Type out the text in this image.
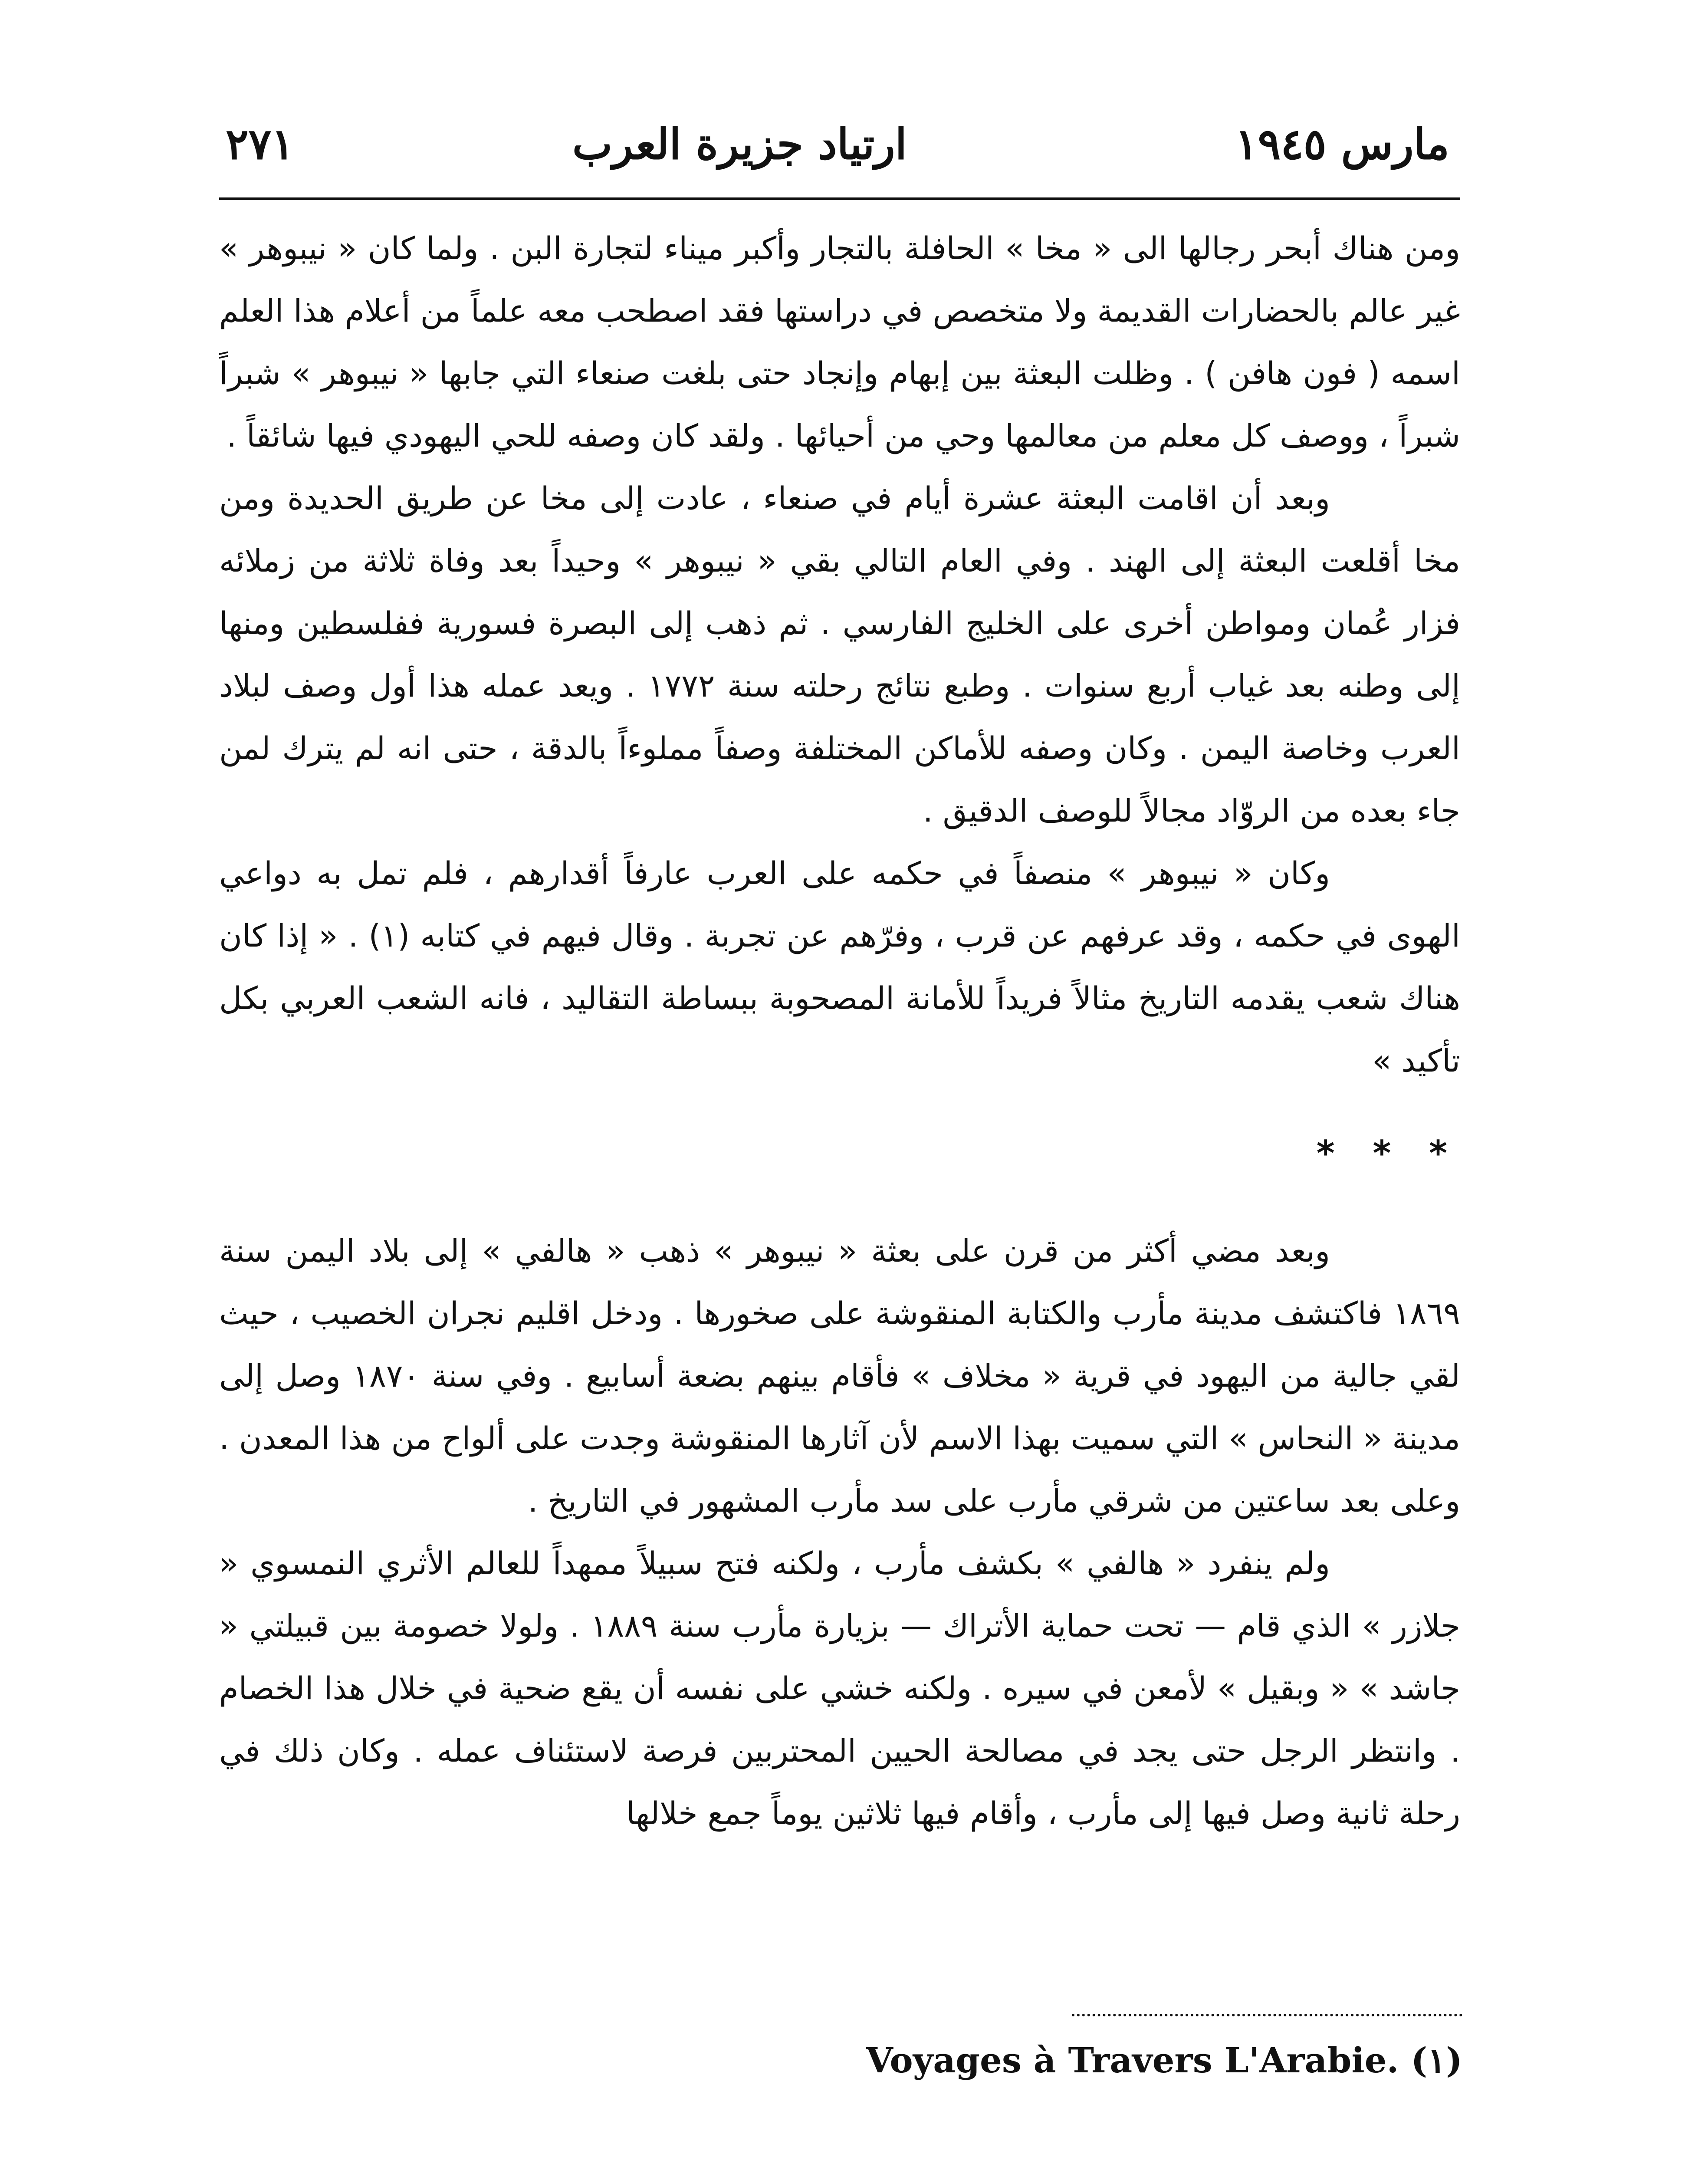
مارس ١٩٤٥
ارتياد جزيرة العرب
٢٧١

ومن هناك أبحر رجالها الى « مخا » الحافلة بالتجار وأكبر ميناء لتجارة البن . ولما كان « نيبوهر » غير عالم بالحضارات القديمة ولا متخصص في دراستها فقد اصطحب معه علماً من أعلام هذا العلم اسمه ( فون هافن ) . وظلت البعثة بين إبهام وإنجاد حتى بلغت صنعاء التي جابها « نيبوهر » شبراً شبراً ، ووصف كل معلم من معالمها وحي من أحيائها . ولقد كان وصفه للحي اليهودي فيها شائقاً .

وبعد أن اقامت البعثة عشرة أيام في صنعاء ، عادت إلى مخا عن طريق الحديدة ومن مخا أقلعت البعثة إلى الهند . وفي العام التالي بقي « نيبوهر » وحيداً بعد وفاة ثلاثة من زملائه فزار عُمان ومواطن أخرى على الخليج الفارسي . ثم ذهب إلى البصرة فسورية ففلسطين ومنها إلى وطنه بعد غياب أربع سنوات . وطبع نتائج رحلته سنة ١٧٧٢ . ويعد عمله هذا أول وصف لبلاد العرب وخاصة اليمن . وكان وصفه للأماكن المختلفة وصفاً مملوءاً بالدقة ، حتى انه لم يترك لمن جاء بعده من الروّاد مجالاً للوصف الدقيق .

وكان « نيبوهر » منصفاً في حكمه على العرب عارفاً أقدارهم ، فلم تمل به دواعي الهوى في حكمه ، وقد عرفهم عن قرب ، وفرّهم عن تجربة . وقال فيهم في كتابه (١) . « إذا كان هناك شعب يقدمه التاريخ مثالاً فريداً للأمانة المصحوبة ببساطة التقاليد ، فانه الشعب العربي بكل تأكيد »

* * *

وبعد مضي أكثر من قرن على بعثة « نيبوهر » ذهب « هالفي » إلى بلاد اليمن سنة ١٨٦٩ فاكتشف مدينة مأرب والكتابة المنقوشة على صخورها . ودخل اقليم نجران الخصيب ، حيث لقي جالية من اليهود في قرية « مخلاف » فأقام بينهم بضعة أسابيع . وفي سنة ١٨٧٠ وصل إلى مدينة « النحاس » التي سميت بهذا الاسم لأن آثارها المنقوشة وجدت على ألواح من هذا المعدن . وعلى بعد ساعتين من شرقي مأرب على سد مأرب المشهور في التاريخ .

ولم ينفرد « هالفي » بكشف مأرب ، ولكنه فتح سبيلاً ممهداً للعالم الأثري النمسوي « جلازر » الذي قام — تحت حماية الأتراك — بزيارة مأرب سنة ١٨٨٩ . ولولا خصومة بين قبيلتي « جاشد » « وبقيل » لأمعن في سيره . ولكنه خشي على نفسه أن يقع ضحية في خلال هذا الخصام . وانتظر الرجل حتى يجد في مصالحة الحيين المحتربين فرصة لاستئناف عمله . وكان ذلك في رحلة ثانية وصل فيها إلى مأرب ، وأقام فيها ثلاثين يوماً جمع خلالها

Voyages à Travers L'Arabie. (١)
